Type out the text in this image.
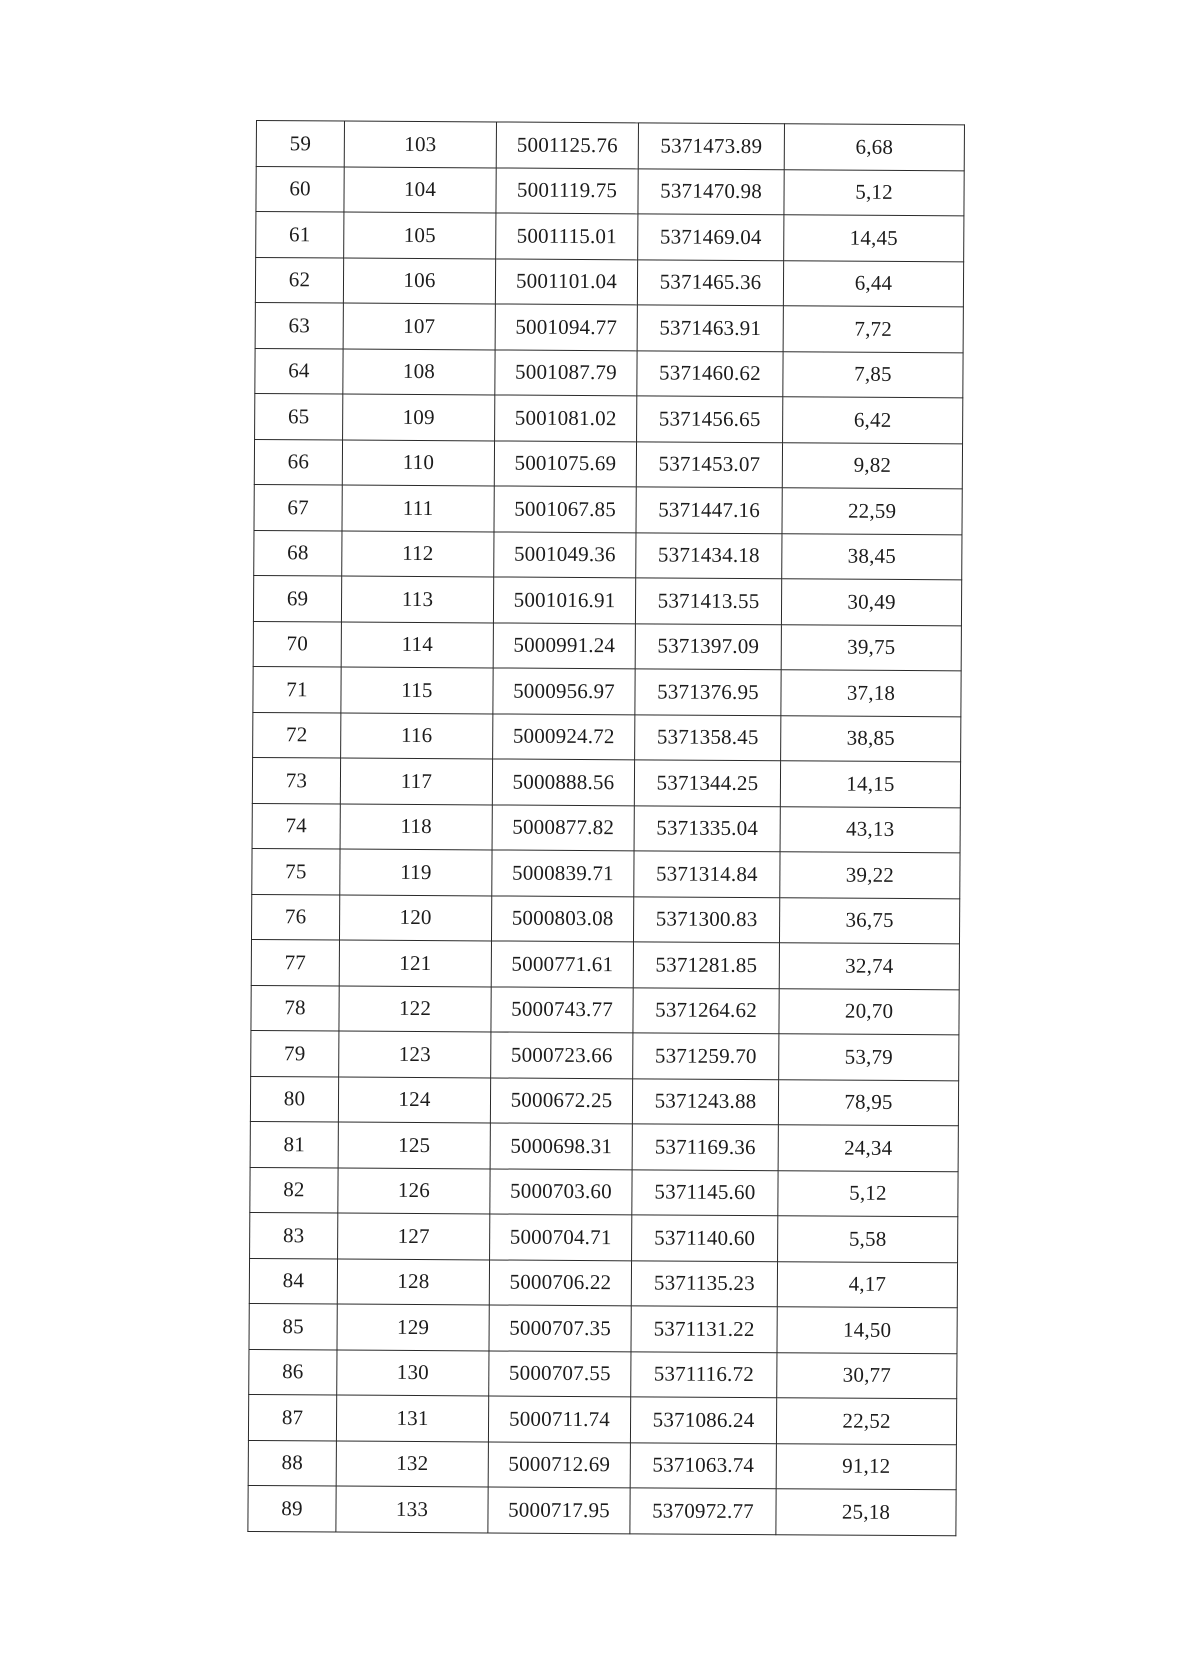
59	103	5001125.76	5371473.89	6,68
60	104	5001119.75	5371470.98	5,12
61	105	5001115.01	5371469.04	14,45
62	106	5001101.04	5371465.36	6,44
63	107	5001094.77	5371463.91	7,72
64	108	5001087.79	5371460.62	7,85
65	109	5001081.02	5371456.65	6,42
66	110	5001075.69	5371453.07	9,82
67	111	5001067.85	5371447.16	22,59
68	112	5001049.36	5371434.18	38,45
69	113	5001016.91	5371413.55	30,49
70	114	5000991.24	5371397.09	39,75
71	115	5000956.97	5371376.95	37,18
72	116	5000924.72	5371358.45	38,85
73	117	5000888.56	5371344.25	14,15
74	118	5000877.82	5371335.04	43,13
75	119	5000839.71	5371314.84	39,22
76	120	5000803.08	5371300.83	36,75
77	121	5000771.61	5371281.85	32,74
78	122	5000743.77	5371264.62	20,70
79	123	5000723.66	5371259.70	53,79
80	124	5000672.25	5371243.88	78,95
81	125	5000698.31	5371169.36	24,34
82	126	5000703.60	5371145.60	5,12
83	127	5000704.71	5371140.60	5,58
84	128	5000706.22	5371135.23	4,17
85	129	5000707.35	5371131.22	14,50
86	130	5000707.55	5371116.72	30,77
87	131	5000711.74	5371086.24	22,52
88	132	5000712.69	5371063.74	91,12
89	133	5000717.95	5370972.77	25,18
